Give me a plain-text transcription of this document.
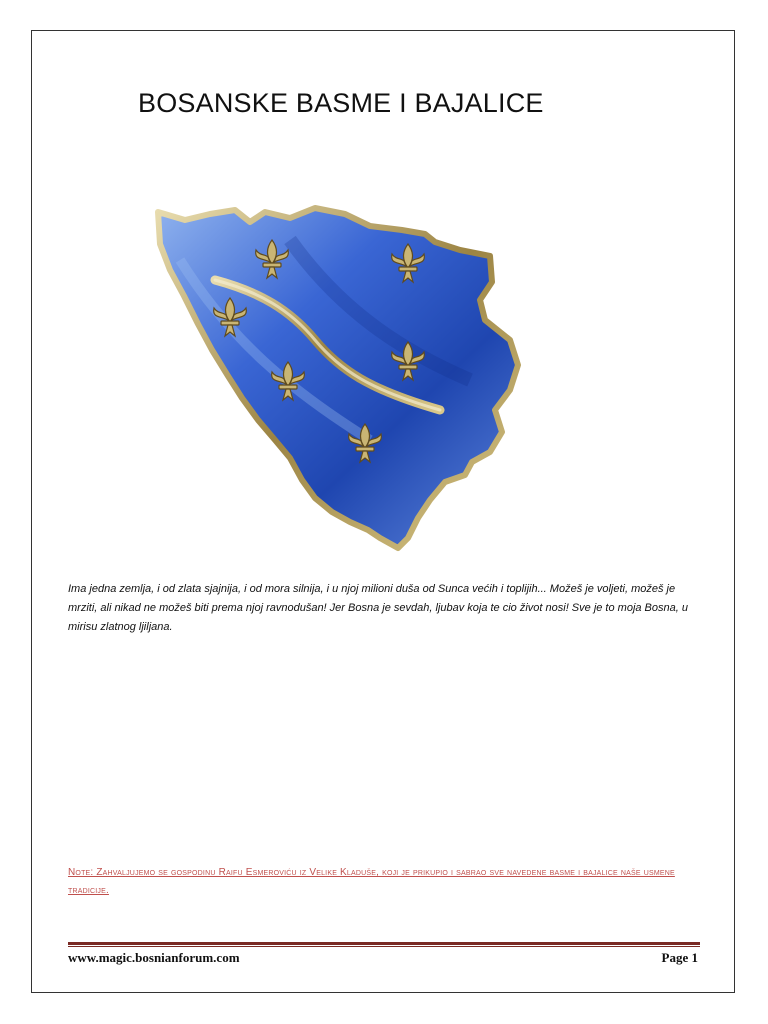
BOSANSKE BASME I BAJALICE
Ima jedna zemlja, i od zlata sjajnija, i od mora silnija, i u njoj milioni duša od Sunca većih i toplijih... Možeš je voljeti, možeš je mrziti, ali nikad ne možeš biti prema njoj ravnodušan! Jer Bosna je sevdah, ljubav koja te cio život nosi! Sve je to moja Bosna, u mirisu zlatnog ljiljana.
Note: Zahvaljujemo se gospodinu Raifu Esmeroviću iz Velike Kladuše, koji je prikupio i sabrao sve navedene basme i bajalice naše usmene tradicije.
www.magic.bosnianforum.com	Page 1
